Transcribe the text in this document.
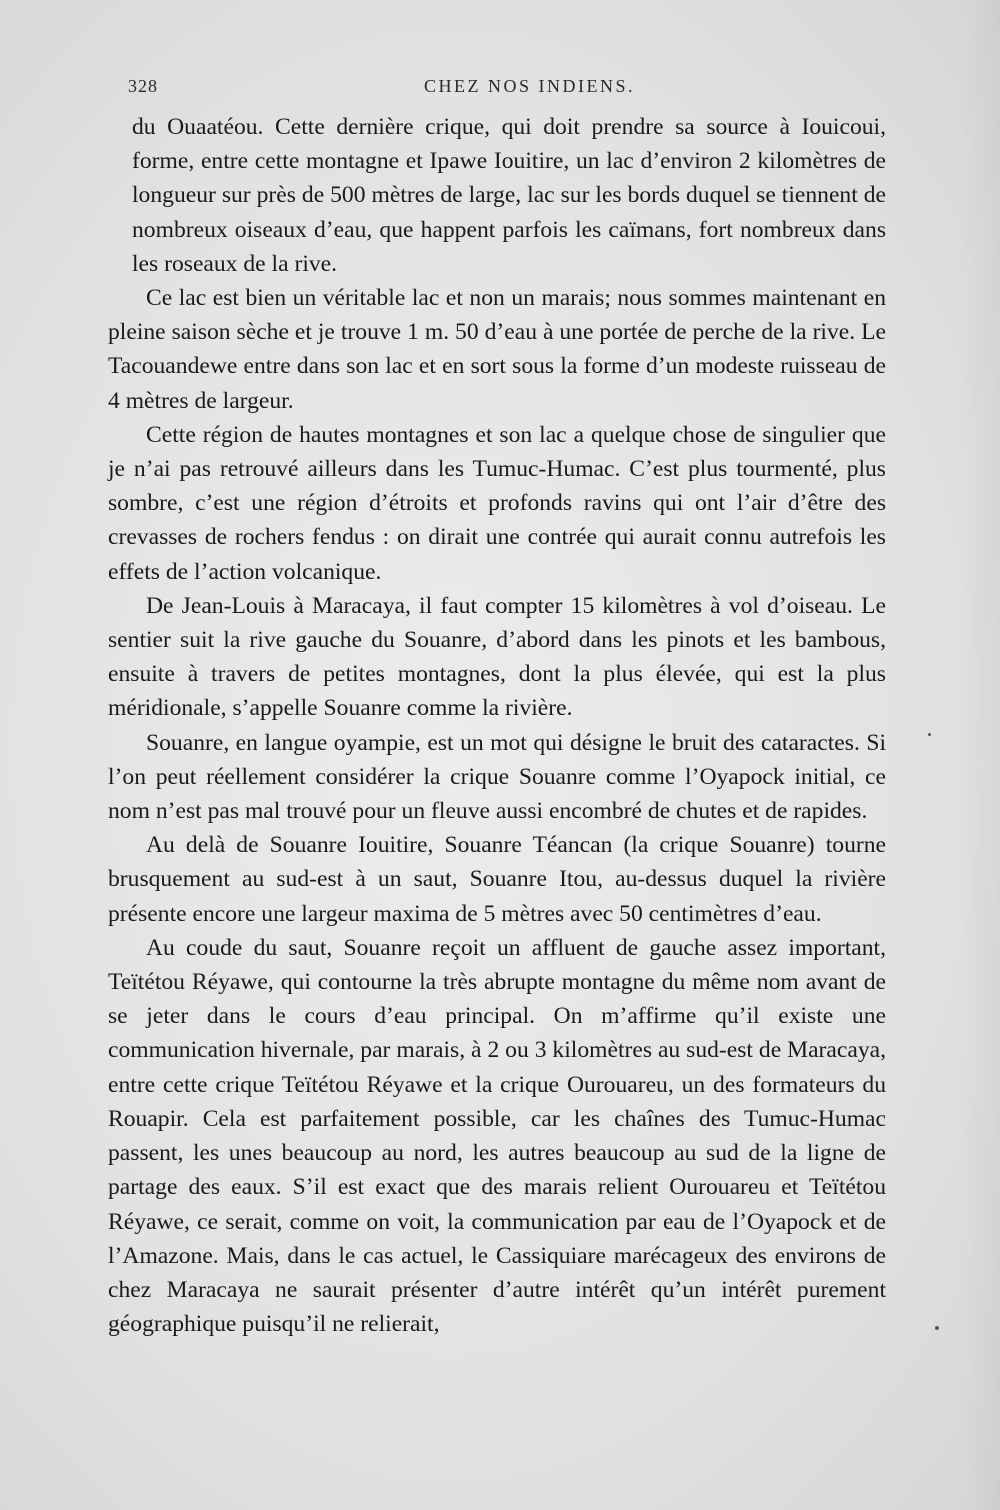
328	CHEZ NOS INDIENS.

du Ouaatéou. Cette dernière crique, qui doit prendre sa source à Iouicoui, forme, entre cette montagne et Ipawe Iouitire, un lac d’environ 2 kilomètres de longueur sur près de 500 mètres de large, lac sur les bords duquel se tiennent de nombreux oiseaux d’eau, que happent parfois les caïmans, fort nombreux dans les roseaux de la rive.

Ce lac est bien un véritable lac et non un marais; nous sommes maintenant en pleine saison sèche et je trouve 1 m. 50 d’eau à une portée de perche de la rive. Le Tacouandewe entre dans son lac et en sort sous la forme d’un modeste ruisseau de 4 mètres de largeur.

Cette région de hautes montagnes et son lac a quelque chose de singulier que je n’ai pas retrouvé ailleurs dans les Tumuc-Humac. C’est plus tourmenté, plus sombre, c’est une région d’étroits et profonds ravins qui ont l’air d’être des crevasses de rochers fendus : on dirait une contrée qui aurait connu autrefois les effets de l’action volcanique.

De Jean-Louis à Maracaya, il faut compter 15 kilomètres à vol d’oiseau. Le sentier suit la rive gauche du Souanre, d’abord dans les pinots et les bambous, ensuite à travers de petites montagnes, dont la plus élevée, qui est la plus méridionale, s’appelle Souanre comme la rivière.

Souanre, en langue oyampie, est un mot qui désigne le bruit des cataractes. Si l’on peut réellement considérer la crique Souanre comme l’Oyapock initial, ce nom n’est pas mal trouvé pour un fleuve aussi encombré de chutes et de rapides.

Au delà de Souanre Iouitire, Souanre Téancan (la crique Souanre) tourne brusquement au sud-est à un saut, Souanre Itou, au-dessus duquel la rivière présente encore une largeur maxima de 5 mètres avec 50 centimètres d’eau.

Au coude du saut, Souanre reçoit un affluent de gauche assez important, Teïtétou Réyawe, qui contourne la très abrupte montagne du même nom avant de se jeter dans le cours d’eau principal. On m’affirme qu’il existe une communication hivernale, par marais, à 2 ou 3 kilomètres au sud-est de Maracaya, entre cette crique Teïtétou Réyawe et la crique Ourouareu, un des formateurs du Rouapir. Cela est parfaitement possible, car les chaînes des Tumuc-Humac passent, les unes beaucoup au nord, les autres beaucoup au sud de la ligne de partage des eaux. S’il est exact que des marais relient Ourouareu et Teïtétou Réyawe, ce serait, comme on voit, la communication par eau de l’Oyapock et de l’Amazone. Mais, dans le cas actuel, le Cassiquiare marécageux des environs de chez Maracaya ne saurait présenter d’autre intérêt qu’un intérêt purement géographique puisqu’il ne relierait,
